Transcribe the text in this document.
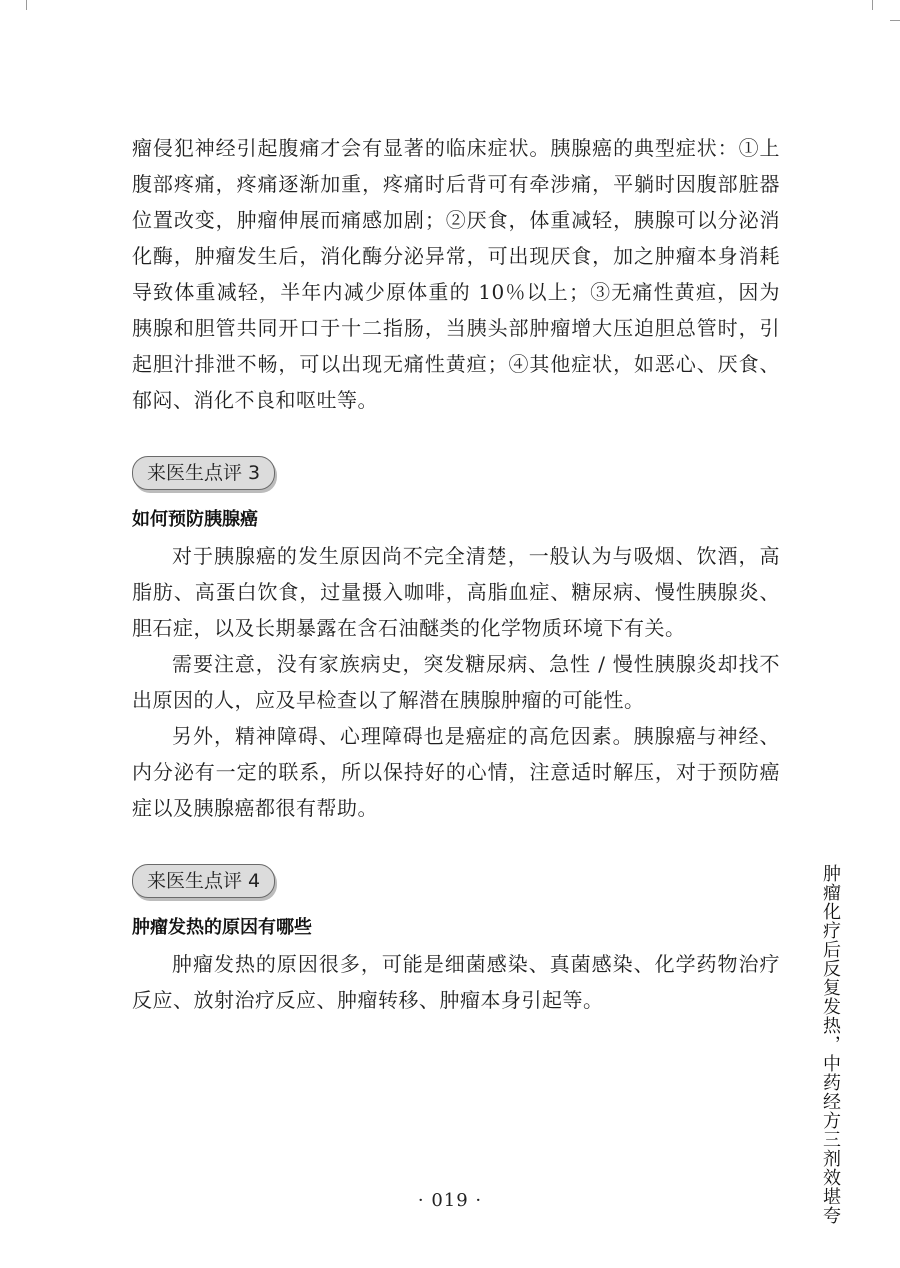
瘤侵犯神经引起腹痛才会有显著的临床症状。胰腺癌的典型症状：①上腹部疼痛，疼痛逐渐加重，疼痛时后背可有牵涉痛，平躺时因腹部脏器位置改变，肿瘤伸展而痛感加剧；②厌食，体重减轻，胰腺可以分泌消化酶，肿瘤发生后，消化酶分泌异常，可出现厌食，加之肿瘤本身消耗导致体重减轻，半年内减少原体重的 10％以上；③无痛性黄疸，因为胰腺和胆管共同开口于十二指肠，当胰头部肿瘤增大压迫胆总管时，引起胆汁排泄不畅，可以出现无痛性黄疸；④其他症状，如恶心、厌食、郁闷、消化不良和呕吐等。

来医生点评 3
如何预防胰腺癌

对于胰腺癌的发生原因尚不完全清楚，一般认为与吸烟、饮酒，高脂肪、高蛋白饮食，过量摄入咖啡，高脂血症、糖尿病、慢性胰腺炎、胆石症，以及长期暴露在含石油醚类的化学物质环境下有关。

需要注意，没有家族病史，突发糖尿病、急性 / 慢性胰腺炎却找不出原因的人，应及早检查以了解潜在胰腺肿瘤的可能性。

另外，精神障碍、心理障碍也是癌症的高危因素。胰腺癌与神经、内分泌有一定的联系，所以保持好的心情，注意适时解压，对于预防癌症以及胰腺癌都很有帮助。

来医生点评 4
肿瘤发热的原因有哪些

肿瘤发热的原因很多，可能是细菌感染、真菌感染、化学药物治疗反应、放射治疗反应、肿瘤转移、肿瘤本身引起等。	肿瘤化疗后反复发热，中药经方三剂效堪夸
· 019 ·
